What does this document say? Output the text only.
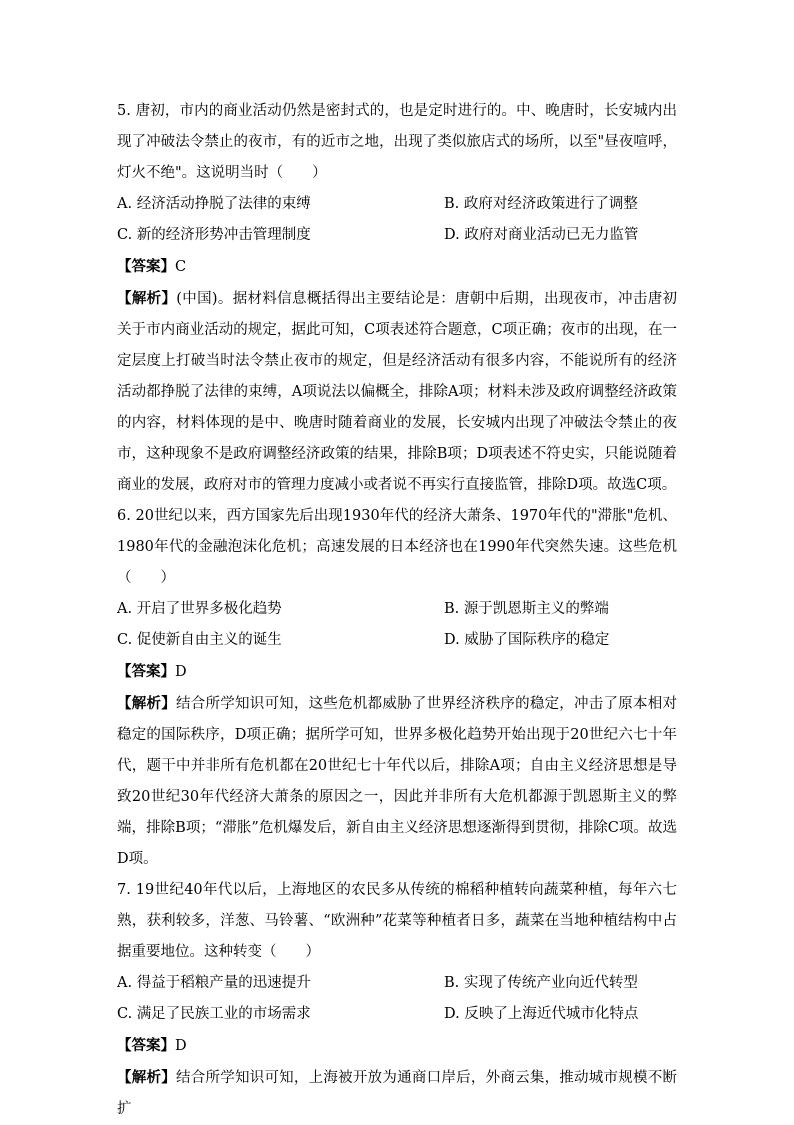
5. 唐初，市内的商业活动仍然是密封式的，也是定时进行的。中、晚唐时，长安城内出现了冲破法令禁止的夜市，有的近市之地，出现了类似旅店式的场所，以至"昼夜喧呼，灯火不绝"。这说明当时（　　）

A. 经济活动挣脱了法律的束缚	B. 政府对经济政策进行了调整
C. 新的经济形势冲击管理制度	D. 政府对商业活动已无力监管
【答案】C

【解析】(中国)。据材料信息概括得出主要结论是：唐朝中后期，出现夜市，冲击唐初关于市内商业活动的规定，据此可知，C项表述符合题意，C项正确；夜市的出现，在一定层度上打破当时法令禁止夜市的规定，但是经济活动有很多内容，不能说所有的经济活动都挣脱了法律的束缚，A项说法以偏概全，排除A项；材料未涉及政府调整经济政策的内容，材料体现的是中、晚唐时随着商业的发展，长安城内出现了冲破法令禁止的夜市，这种现象不是政府调整经济政策的结果，排除B项；D项表述不符史实，只能说随着商业的发展，政府对市的管理力度减小或者说不再实行直接监管，排除D项。故选C项。

6. 20世纪以来，西方国家先后出现1930年代的经济大萧条、1970年代的"滞胀"危机、1980年代的金融泡沫化危机；高速发展的日本经济也在1990年代突然失速。这些危机（　　）

A. 开启了世界多极化趋势	B. 源于凯恩斯主义的弊端
C. 促使新自由主义的诞生	D. 威胁了国际秩序的稳定
【答案】D

【解析】结合所学知识可知，这些危机都威胁了世界经济秩序的稳定，冲击了原本相对稳定的国际秩序，D项正确；据所学可知，世界多极化趋势开始出现于20世纪六七十年代，题干中并非所有危机都在20世纪七十年代以后，排除A项；自由主义经济思想是导致20世纪30年代经济大萧条的原因之一，因此并非所有大危机都源于凯恩斯主义的弊端，排除B项；“滞胀”危机爆发后，新自由主义经济思想逐渐得到贯彻，排除C项。故选D项。

7. 19世纪40年代以后，上海地区的农民多从传统的棉稻种植转向蔬菜种植，每年六七熟，获利较多，洋葱、马铃薯、“欧洲种”花菜等种植者日多，蔬菜在当地种植结构中占据重要地位。这种转变（　　）

A. 得益于稻粮产量的迅速提升	B. 实现了传统产业向近代转型
C. 满足了民族工业的市场需求	D. 反映了上海近代城市化特点
【答案】D

【解析】结合所学知识可知，上海被开放为通商口岸后，外商云集，推动城市规模不断扩
